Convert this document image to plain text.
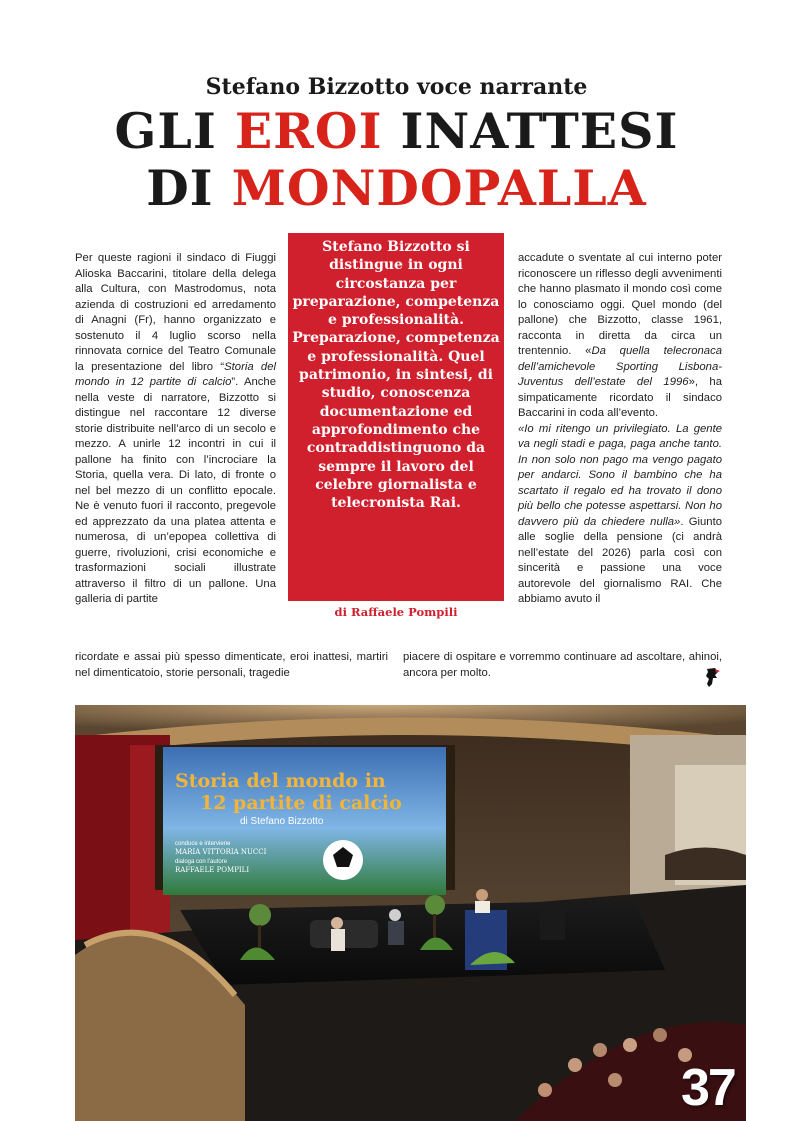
Stefano Bizzotto voce narrante
GLI EROI INATTESI
DI MONDOPALLA

Per queste ragioni il sindaco di Fiuggi Alioska Baccarini, titolare della delega alla Cultura, con Mastrodomus, nota azienda di costruzioni ed arredamento di Anagni (Fr), hanno organizzato e sostenuto il 4 luglio scorso nella rinnovata cornice del Teatro Comunale la presentazione del libro “Storia del mondo in 12 partite di calcio”. Anche nella veste di narratore, Bizzotto si distingue nel raccontare 12 diverse storie distribuite nell’arco di un secolo e mezzo. A unirle 12 incontri in cui il pallone ha finito con l’incrociare la Storia, quella vera. Di lato, di fronte o nel bel mezzo di un conflitto epocale. Ne è venuto fuori il racconto, pregevole ed apprezzato da una platea attenta e numerosa, di un’epopea collettiva di guerre, rivoluzioni, crisi economiche e trasformazioni sociali illustrate attraverso il filtro di un pallone. Una galleria di partite

Stefano Bizzotto si distingue in ogni circostanza per preparazione, competenza e professionalità. Preparazione, competenza e professionalità. Quel patrimonio, in sintesi, di studio, conoscenza documentazione ed approfondimento che contraddistinguono da sempre il lavoro del celebre giornalista e telecronista Rai.
di Raffaele Pompili

accadute o sventate al cui interno poter riconoscere un riflesso degli avvenimenti che hanno plasmato il mondo così come lo conosciamo oggi. Quel mondo (del pallone) che Bizzotto, classe 1961, racconta in diretta da circa un trentennio. «Da quella telecronaca dell’amichevole Sporting Lisbona-Juventus dell’estate del 1996», ha simpaticamente ricordato il sindaco Baccarini in coda all’evento.

«Io mi ritengo un privilegiato. La gente va negli stadi e paga, paga anche tanto. In non solo non pago ma vengo pagato per andarci. Sono il bambino che ha scartato il regalo ed ha trovato il dono più bello che potesse aspettarsi. Non ho davvero più da chiedere nulla». Giunto alle soglie della pensione (ci andrà nell’estate del 2026) parla così con sincerità e passione una voce autorevole del giornalismo RAI. Che abbiamo avuto il

ricordate e assai più spesso dimenticate, eroi inattesi, martiri nel dimenticatoio, storie personali, tragedie
piacere di ospitare e vorremmo continuare ad ascoltare, ahinoi, ancora per molto.
Storia del mondo in
12 partite di calcio
di Stefano Bizzotto
conduce e interviene
MARIA VITTORIA NUCCI
dialoga con l’autore
RAFFAELE POMPILI
37
